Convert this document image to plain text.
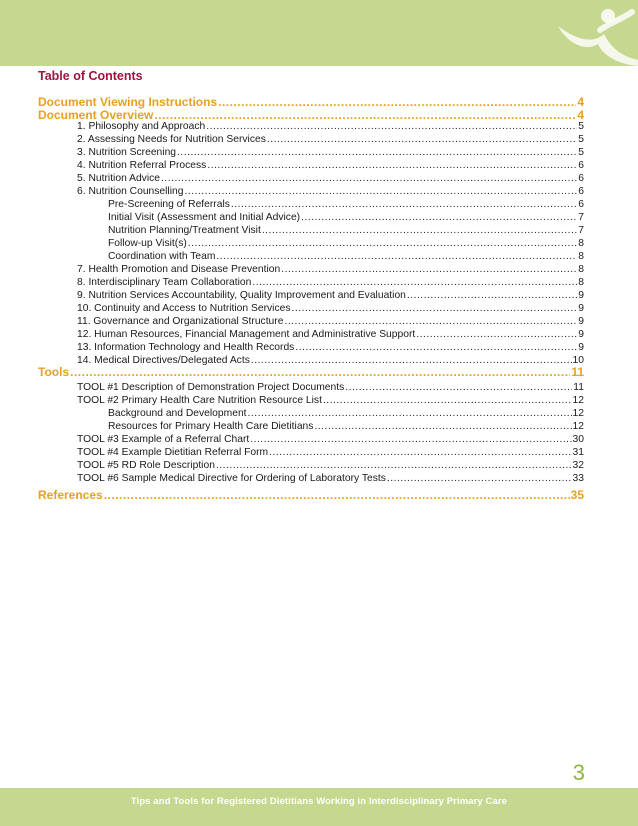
Table of Contents
Document Viewing Instructions .....	4
Document Overview .....	4
1. Philosophy and Approach .....	5
2. Assessing Needs for Nutrition Services .....	5
3. Nutrition Screening .....	5
4. Nutrition Referral Process .....	6
5. Nutrition Advice .....	6
6. Nutrition Counselling .....	6
Pre-Screening of Referrals .....	6
Initial Visit (Assessment and Initial Advice) .....	7
Nutrition Planning/Treatment Visit .....	7
Follow-up Visit(s) .....	8
Coordination with Team .....	8
7. Health Promotion and Disease Prevention .....	8
8. Interdisciplinary Team Collaboration .....	8
9. Nutrition Services Accountability, Quality Improvement and Evaluation .....	9
10. Continuity and Access to Nutrition Services .....	9
11. Governance and Organizational Structure .....	9
12. Human Resources, Financial Management and Administrative Support .....	9
13. Information Technology and Health Records .....	9
14. Medical Directives/Delegated Acts .....	10
Tools .....	11
TOOL #1 Description of Demonstration Project Documents .....	11
TOOL #2 Primary Health Care Nutrition Resource List .....	12
Background and Development .....	12
Resources for Primary Health Care Dietitians .....	12
TOOL #3 Example of a Referral Chart .....	30
TOOL #4 Example Dietitian Referral Form .....	31
TOOL #5 RD Role Description .....	32
TOOL #6 Sample Medical Directive for Ordering of Laboratory Tests .....	33
References .....	35
3
Tips and Tools for Registered Dietitians Working in Interdisciplinary Primary Care
